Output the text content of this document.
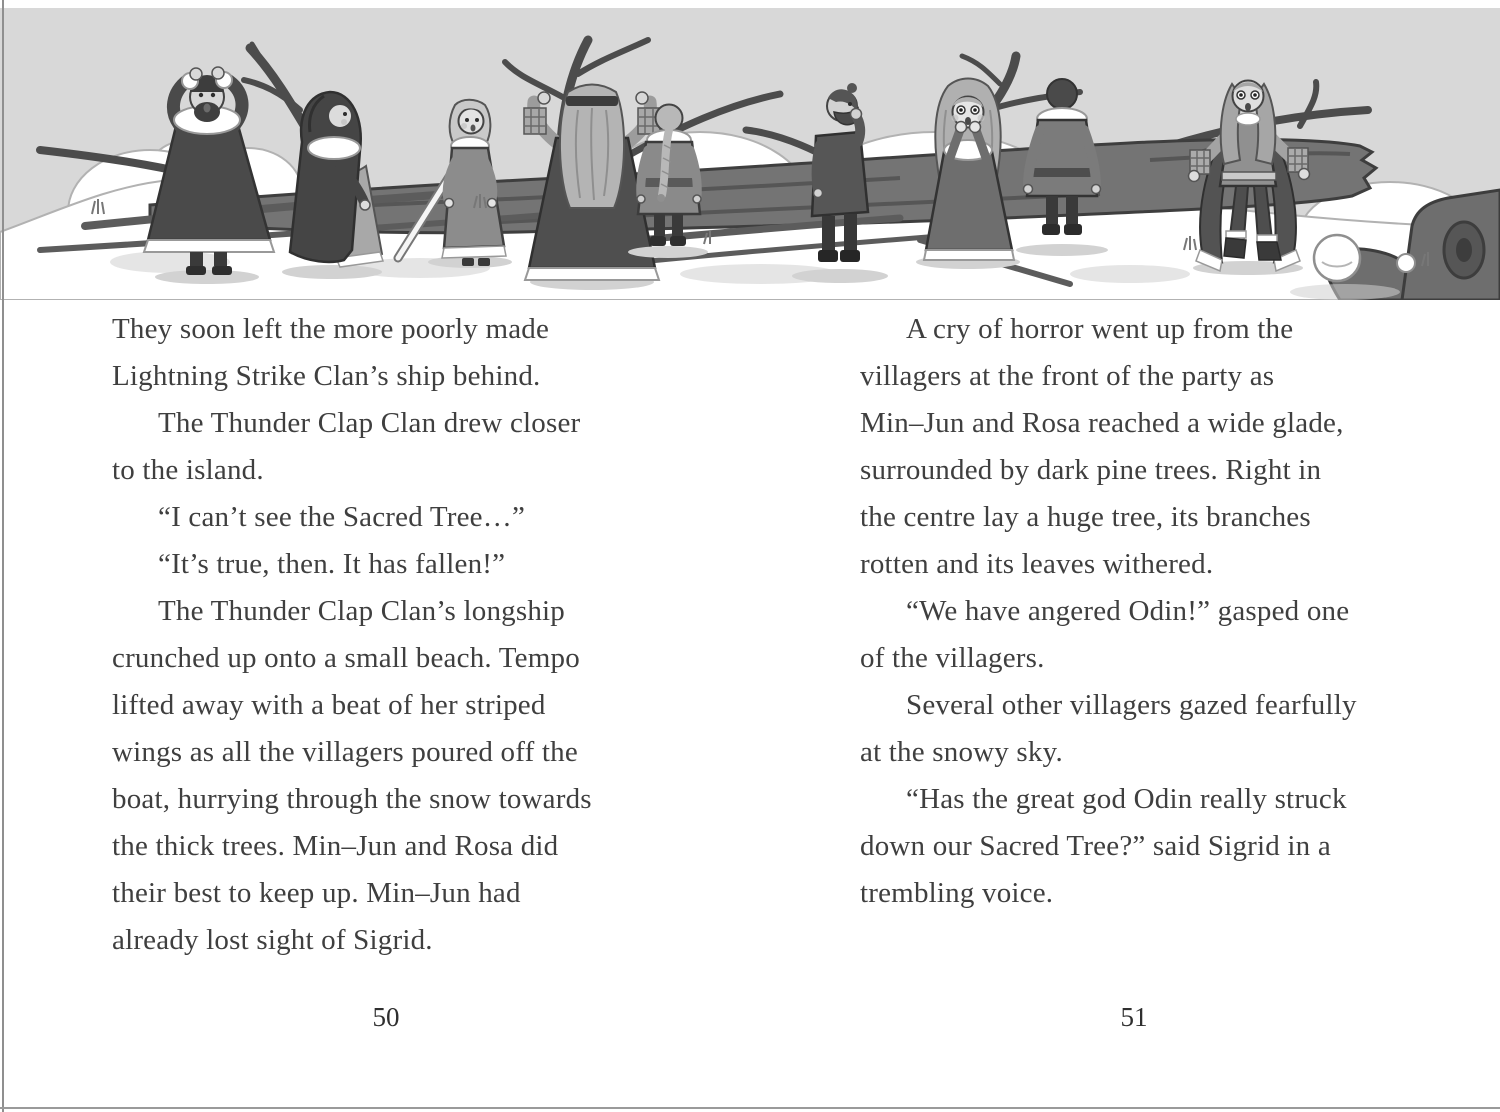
They soon left the more poorly made

Lightning Strike Clan’s ship behind.

The Thunder Clap Clan drew closer

to the island.

“I can’t see the Sacred Tree…”

“It’s true, then. It has fallen!”

The Thunder Clap Clan’s longship

crunched up onto a small beach. Tempo

lifted away with a beat of her striped

wings as all the villagers poured off the

boat, hurrying through the snow towards

the thick trees. Min–Jun and Rosa did

their best to keep up. Min–Jun had

already lost sight of Sigrid.

A cry of horror went up from the

villagers at the front of the party as

Min–Jun and Rosa reached a wide glade,

surrounded by dark pine trees. Right in

the centre lay a huge tree, its branches

rotten and its leaves withered.

“We have angered Odin!” gasped one

of the villagers.

Several other villagers gazed fearfully

at the snowy sky.

“Has the great god Odin really struck

down our Sacred Tree?” said Sigrid in a

trembling voice.

50	51
